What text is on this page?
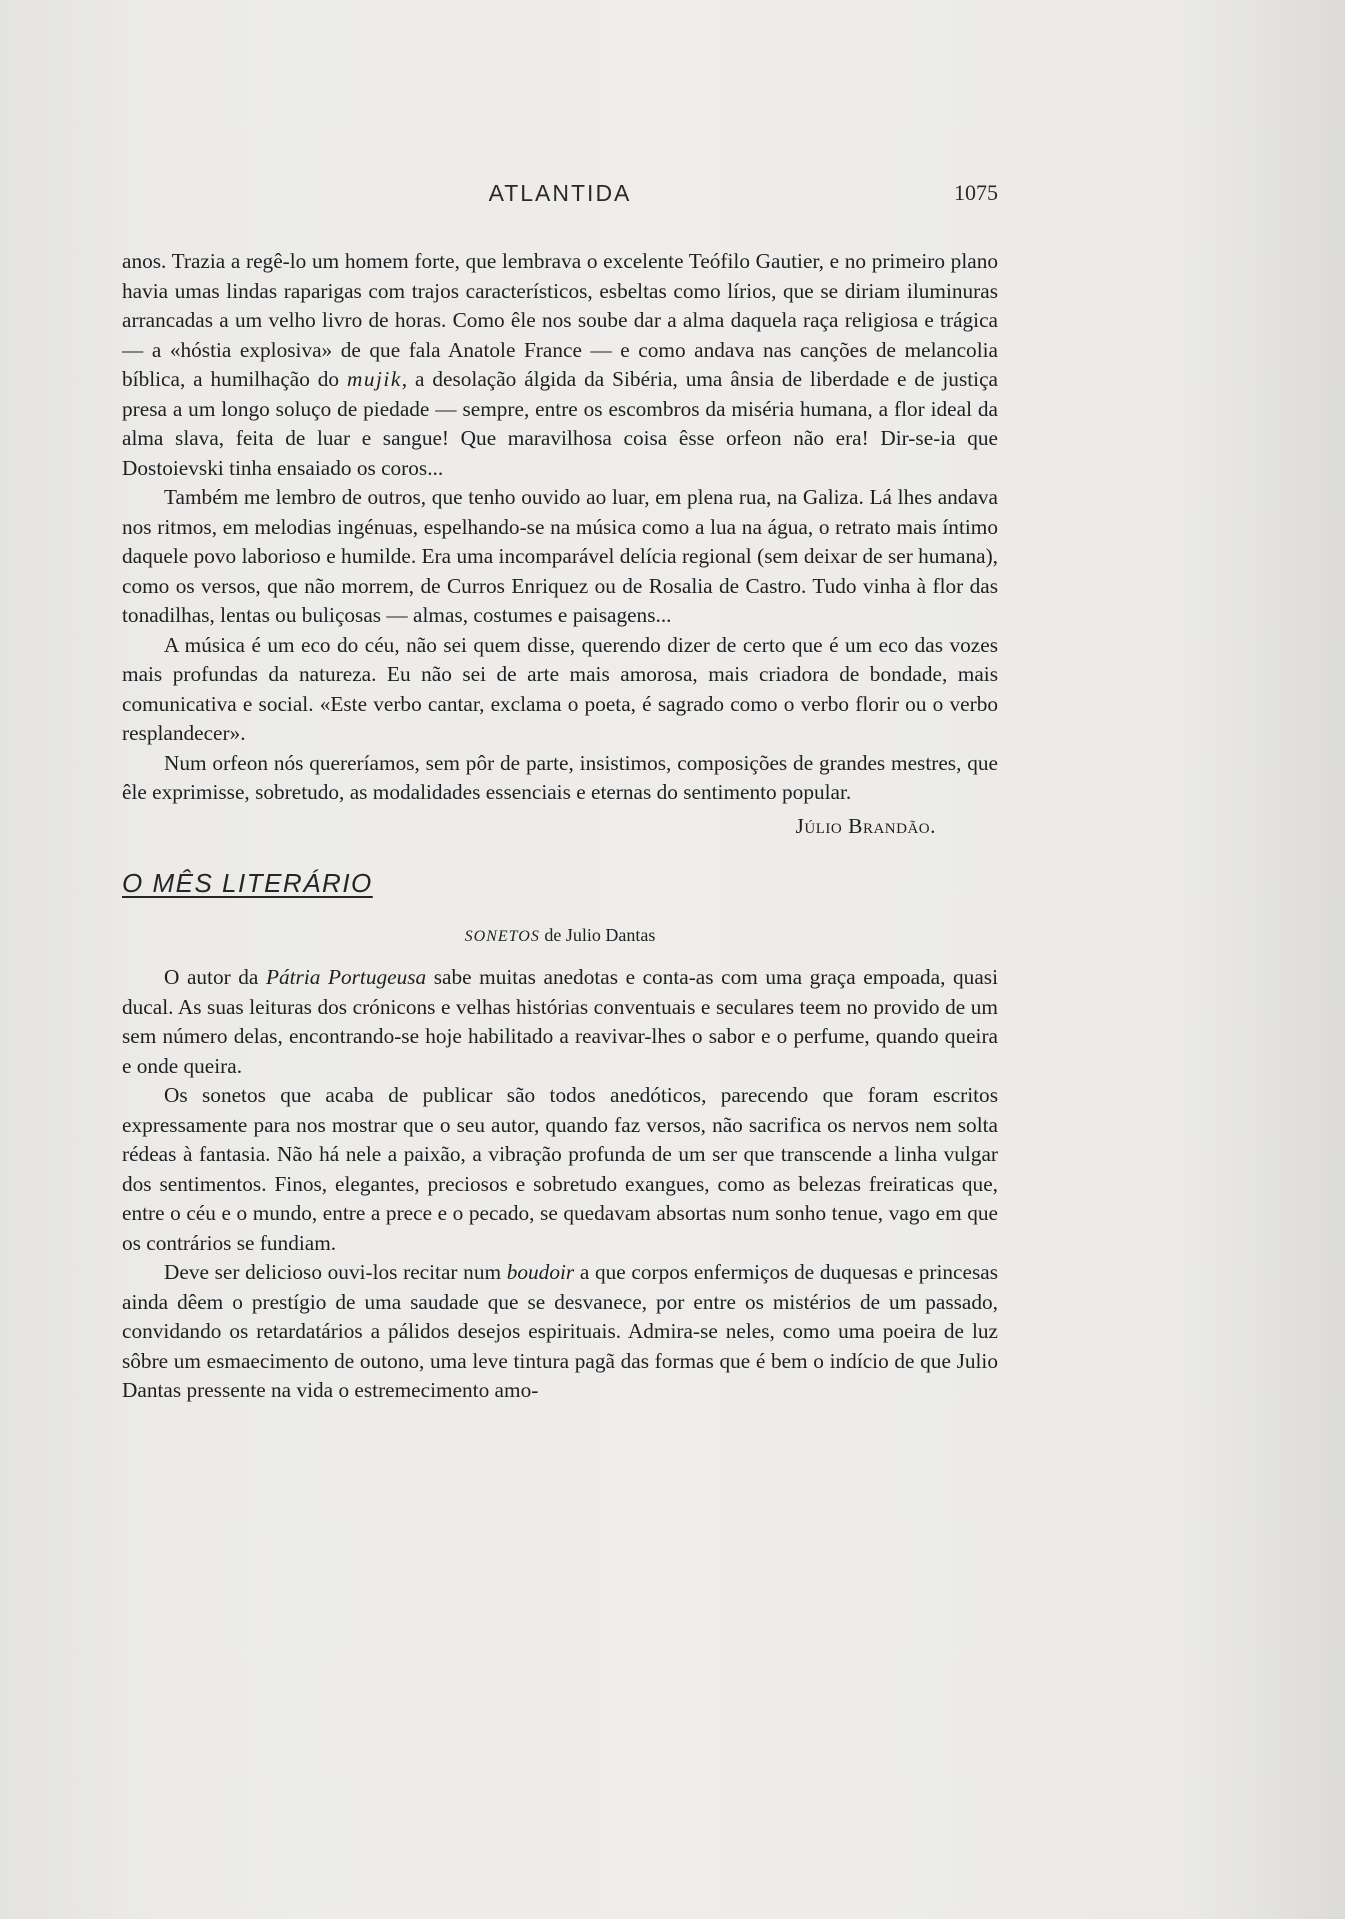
ATLANTIDA	1075

anos. Trazia a regê-lo um homem forte, que lembrava o excelente Teófilo Gautier, e no primeiro plano havia umas lindas raparigas com trajos característicos, esbeltas como lírios, que se diriam iluminuras arrancadas a um velho livro de horas. Como êle nos soube dar a alma daquela raça religiosa e trágica — a «hóstia explosiva» de que fala Anatole France — e como andava nas canções de melancolia bíblica, a humilhação do mujik, a desolação álgida da Sibéria, uma ânsia de liberdade e de justiça presa a um longo soluço de piedade — sempre, entre os escombros da miséria humana, a flor ideal da alma slava, feita de luar e sangue! Que maravilhosa coisa êsse orfeon não era! Dir-se-ia que Dostoievski tinha ensaiado os coros...

Também me lembro de outros, que tenho ouvido ao luar, em plena rua, na Galiza. Lá lhes andava nos ritmos, em melodias ingénuas, espelhando-se na música como a lua na água, o retrato mais íntimo daquele povo laborioso e humilde. Era uma incomparável delícia regional (sem deixar de ser humana), como os versos, que não morrem, de Curros Enriquez ou de Rosalia de Castro. Tudo vinha à flor das tonadilhas, lentas ou buliçosas — almas, costumes e paisagens...

A música é um eco do céu, não sei quem disse, querendo dizer de certo que é um eco das vozes mais profundas da natureza. Eu não sei de arte mais amorosa, mais criadora de bondade, mais comunicativa e social. «Este verbo cantar, exclama o poeta, é sagrado como o verbo florir ou o verbo resplandecer».

Num orfeon nós quereríamos, sem pôr de parte, insistimos, composições de grandes mestres, que êle exprimisse, sobretudo, as modalidades essenciais e eternas do sentimento popular.

Júlio Brandão.
O MÊS LITERÁRIO
SONETOS de Julio Dantas

O autor da Pátria Portugeusa sabe muitas anedotas e conta-as com uma graça empoada, quasi ducal. As suas leituras dos crónicons e velhas histórias conventuais e seculares teem no provido de um sem número delas, encontrando-se hoje habilitado a reavivar-lhes o sabor e o perfume, quando queira e onde queira.

Os sonetos que acaba de publicar são todos anedóticos, parecendo que foram escritos expressamente para nos mostrar que o seu autor, quando faz versos, não sacrifica os nervos nem solta rédeas à fantasia. Não há nele a paixão, a vibração profunda de um ser que transcende a linha vulgar dos sentimentos. Finos, elegantes, preciosos e sobretudo exangues, como as belezas freiraticas que, entre o céu e o mundo, entre a prece e o pecado, se quedavam absortas num sonho tenue, vago em que os contrários se fundiam.

Deve ser delicioso ouvi-los recitar num boudoir a que corpos enfermiços de duquesas e princesas ainda dêem o prestígio de uma saudade que se desvanece, por entre os mistérios de um passado, convidando os retardatários a pálidos desejos espirituais. Admira-se neles, como uma poeira de luz sôbre um esmaecimento de outono, uma leve tintura pagã das formas que é bem o indício de que Julio Dantas pressente na vida o estremecimento amo-
